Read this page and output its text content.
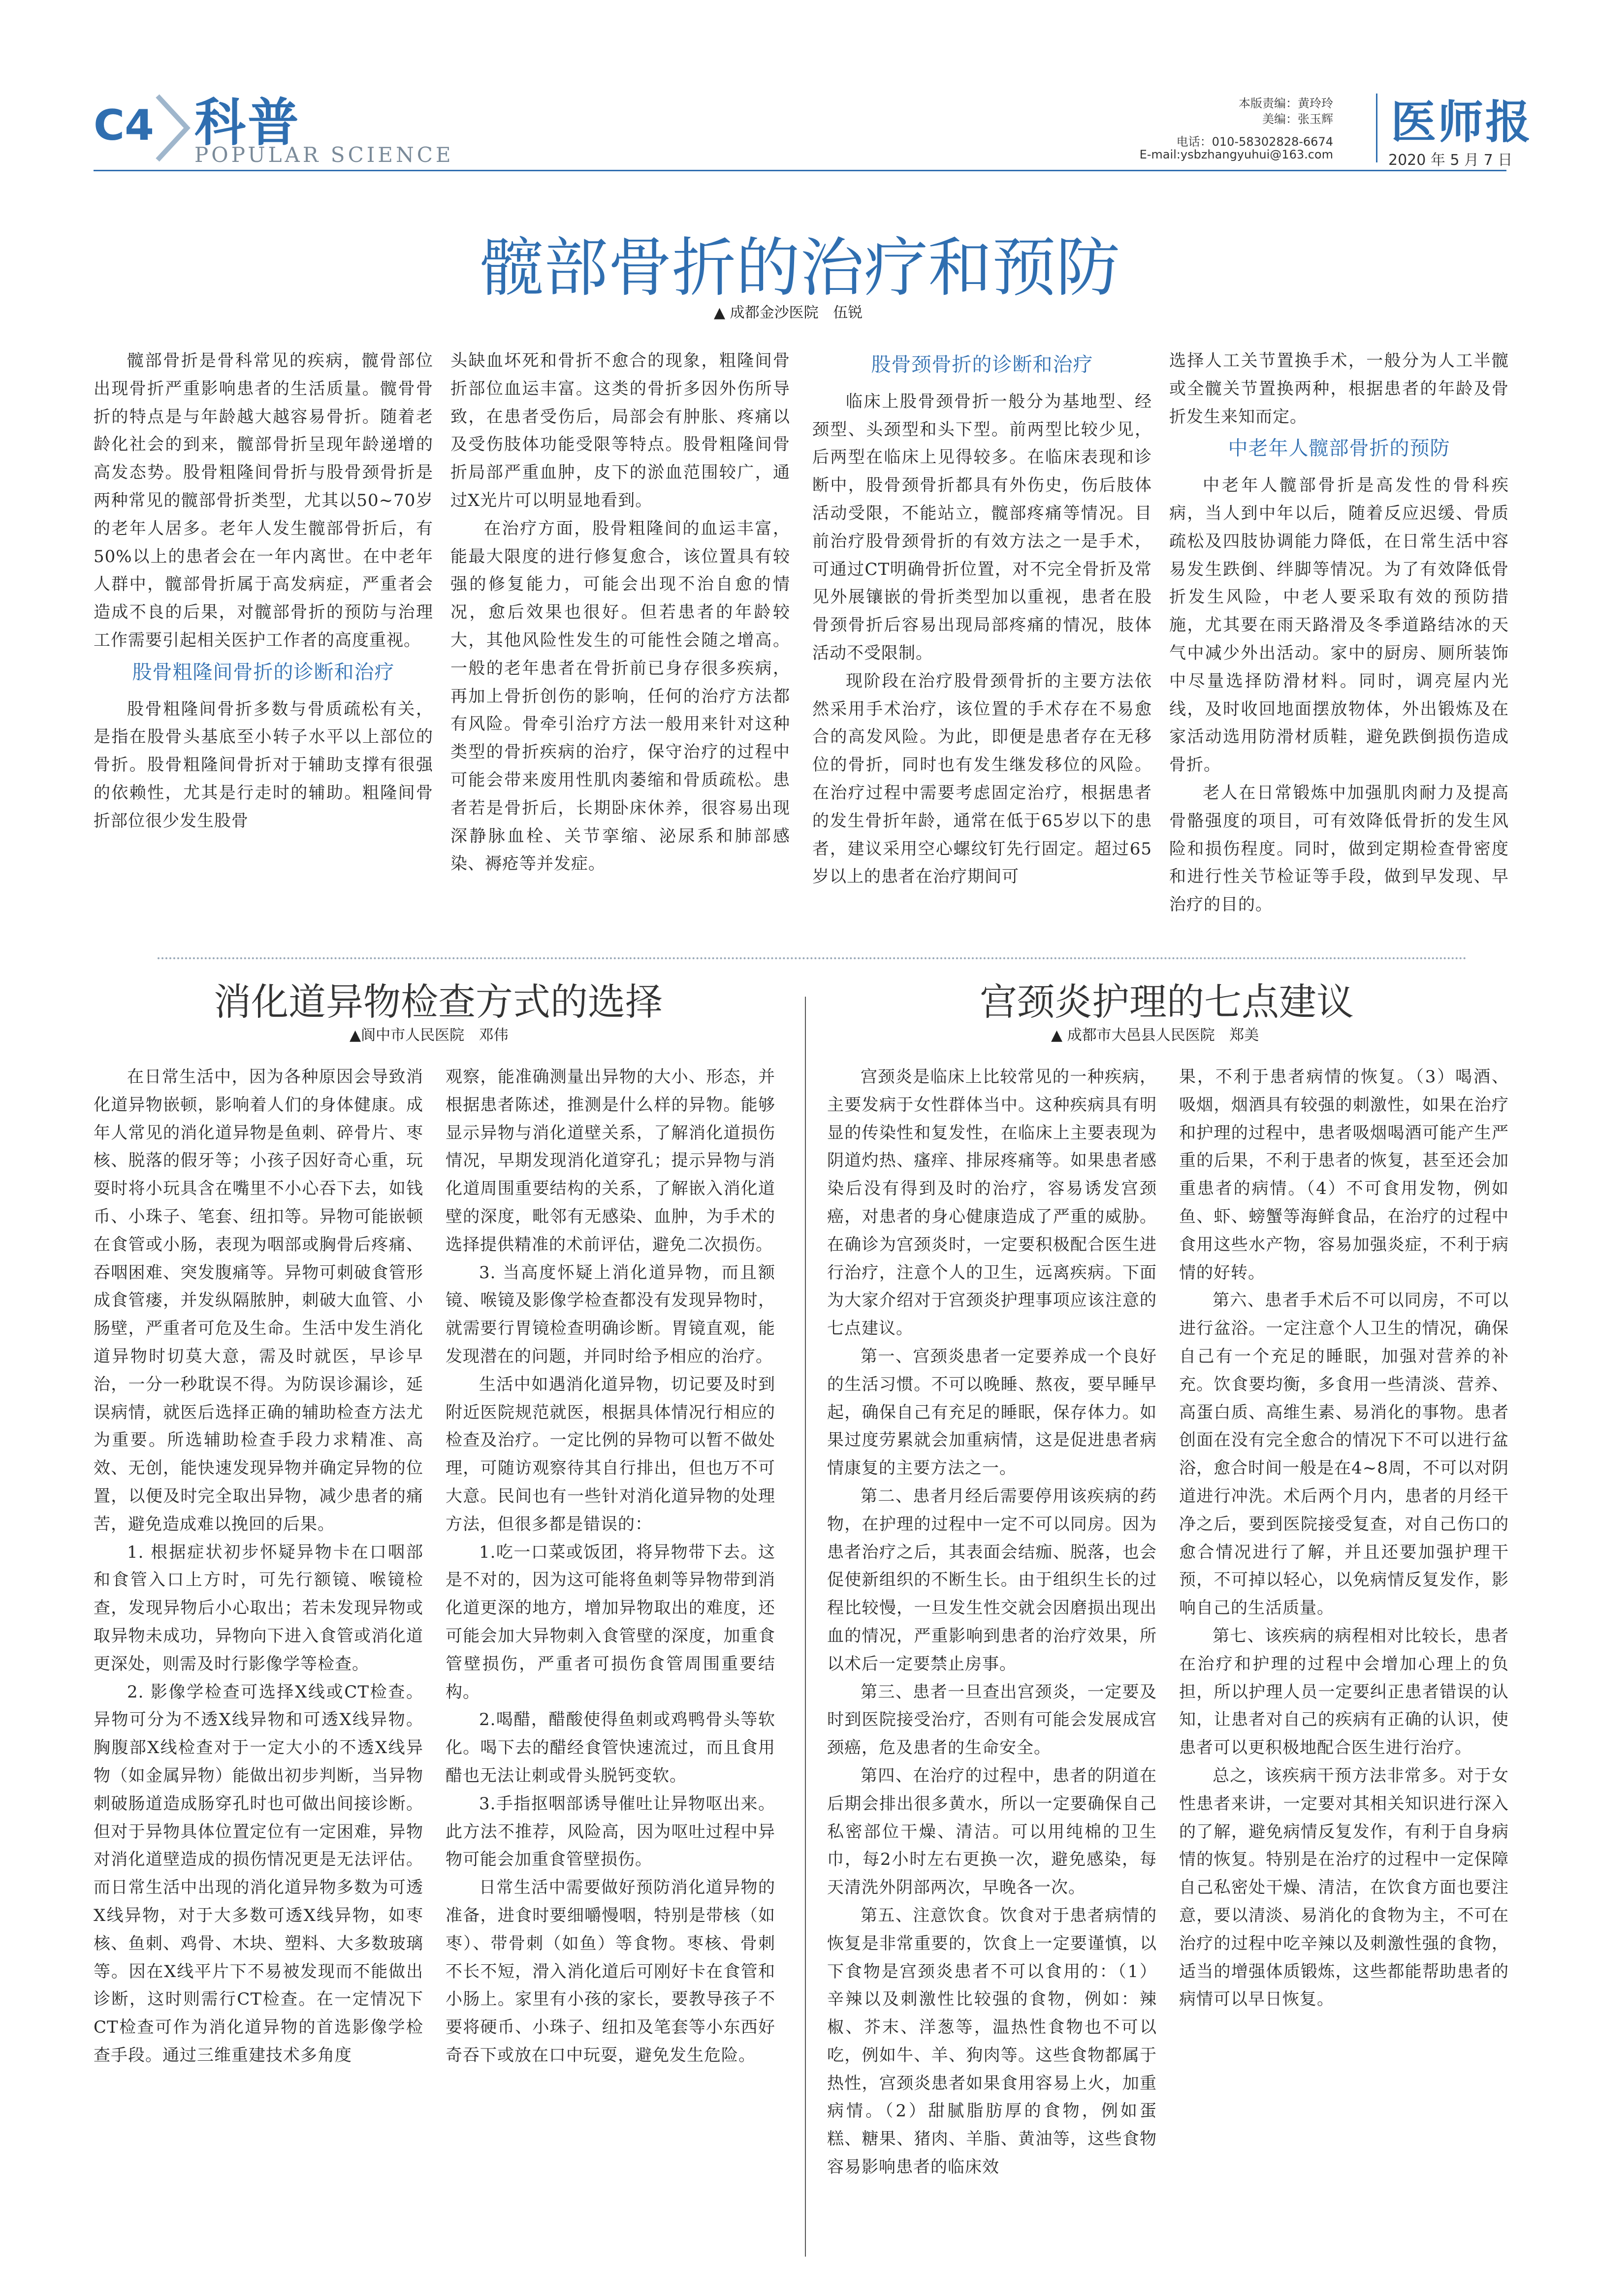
C4 科普
POPULAR SCIENCE
本版责编：黄玲玲
美编：张玉辉
电话：010-58302828-6674
E-mail:ysbzhangyuhui@163.com
医师报
2020 年 5 月 7 日
髋部骨折的治疗和预防
▲ 成都金沙医院 伍锐

髋部骨折是骨科常见的疾病，髋骨部位出现骨折严重影响患者的生活质量。髋骨骨折的特点是与年龄越大越容易骨折。随着老龄化社会的到来，髋部骨折呈现年龄递增的高发态势。股骨粗隆间骨折与股骨颈骨折是两种常见的髋部骨折类型，尤其以50~70岁的老年人居多。老年人发生髋部骨折后，有50%以上的患者会在一年内离世。在中老年人群中，髋部骨折属于高发病症，严重者会造成不良的后果，对髋部骨折的预防与治理工作需要引起相关医护工作者的高度重视。

股骨粗隆间骨折的诊断和治疗

股骨粗隆间骨折多数与骨质疏松有关，是指在股骨头基底至小转子水平以上部位的骨折。股骨粗隆间骨折对于辅助支撑有很强的依赖性，尤其是行走时的辅助。粗隆间骨折部位很少发生股骨

头缺血坏死和骨折不愈合的现象，粗隆间骨折部位血运丰富。这类的骨折多因外伤所导致，在患者受伤后，局部会有肿胀、疼痛以及受伤肢体功能受限等特点。股骨粗隆间骨折局部严重血肿，皮下的淤血范围较广，通过X光片可以明显地看到。

在治疗方面，股骨粗隆间的血运丰富，能最大限度的进行修复愈合，该位置具有较强的修复能力，可能会出现不治自愈的情况，愈后效果也很好。但若患者的年龄较大，其他风险性发生的可能性会随之增高。一般的老年患者在骨折前已身存很多疾病，再加上骨折创伤的影响，任何的治疗方法都有风险。骨牵引治疗方法一般用来针对这种类型的骨折疾病的治疗，保守治疗的过程中可能会带来废用性肌肉萎缩和骨质疏松。患者若是骨折后，长期卧床休养，很容易出现深静脉血栓、关节挛缩、泌尿系和肺部感染、褥疮等并发症。

股骨颈骨折的诊断和治疗

临床上股骨颈骨折一般分为基地型、经颈型、头颈型和头下型。前两型比较少见，后两型在临床上见得较多。在临床表现和诊断中，股骨颈骨折都具有外伤史，伤后肢体活动受限，不能站立，髋部疼痛等情况。目前治疗股骨颈骨折的有效方法之一是手术，可通过CT明确骨折位置，对不完全骨折及常见外展镶嵌的骨折类型加以重视，患者在股骨颈骨折后容易出现局部疼痛的情况，肢体活动不受限制。

现阶段在治疗股骨颈骨折的主要方法依然采用手术治疗，该位置的手术存在不易愈合的高发风险。为此，即便是患者存在无移位的骨折，同时也有发生继发移位的风险。在治疗过程中需要考虑固定治疗，根据患者的发生骨折年龄，通常在低于65岁以下的患者，建议采用空心螺纹钉先行固定。超过65岁以上的患者在治疗期间可

选择人工关节置换手术，一般分为人工半髋或全髋关节置换两种，根据患者的年龄及骨折发生来知而定。

中老年人髋部骨折的预防

中老年人髋部骨折是高发性的骨科疾病，当人到中年以后，随着反应迟缓、骨质疏松及四肢协调能力降低，在日常生活中容易发生跌倒、绊脚等情况。为了有效降低骨折发生风险，中老人要采取有效的预防措施，尤其要在雨天路滑及冬季道路结冰的天气中减少外出活动。家中的厨房、厕所装饰中尽量选择防滑材料。同时，调亮屋内光线，及时收回地面摆放物体，外出锻炼及在家活动选用防滑材质鞋，避免跌倒损伤造成骨折。

老人在日常锻炼中加强肌肉耐力及提高骨骼强度的项目，可有效降低骨折的发生风险和损伤程度。同时，做到定期检查骨密度和进行性关节检证等手段，做到早发现、早治疗的目的。

消化道异物检查方式的选择
▲阆中市人民医院 邓伟

在日常生活中，因为各种原因会导致消化道异物嵌顿，影响着人们的身体健康。成年人常见的消化道异物是鱼刺、碎骨片、枣核、脱落的假牙等；小孩子因好奇心重，玩耍时将小玩具含在嘴里不小心吞下去，如钱币、小珠子、笔套、纽扣等。异物可能嵌顿在食管或小肠，表现为咽部或胸骨后疼痛、吞咽困难、突发腹痛等。异物可刺破食管形成食管瘘，并发纵隔脓肿，刺破大血管、小肠壁，严重者可危及生命。生活中发生消化道异物时切莫大意，需及时就医，早诊早治，一分一秒耽误不得。为防误诊漏诊，延误病情，就医后选择正确的辅助检查方法尤为重要。所选辅助检查手段力求精准、高效、无创，能快速发现异物并确定异物的位置，以便及时完全取出异物，减少患者的痛苦，避免造成难以挽回的后果。

1. 根据症状初步怀疑异物卡在口咽部和食管入口上方时，可先行额镜、喉镜检查，发现异物后小心取出；若未发现异物或取异物未成功，异物向下进入食管或消化道更深处，则需及时行影像学等检查。

2. 影像学检查可选择X线或CT检查。异物可分为不透X线异物和可透X线异物。胸腹部X线检查对于一定大小的不透X线异物（如金属异物）能做出初步判断，当异物刺破肠道造成肠穿孔时也可做出间接诊断。但对于异物具体位置定位有一定困难，异物对消化道壁造成的损伤情况更是无法评估。而日常生活中出现的消化道异物多数为可透X线异物，对于大多数可透X线异物，如枣核、鱼刺、鸡骨、木块、塑料、大多数玻璃等。因在X线平片下不易被发现而不能做出诊断，这时则需行CT检查。在一定情况下CT检查可作为消化道异物的首选影像学检查手段。通过三维重建技术多角度

观察，能准确测量出异物的大小、形态，并根据患者陈述，推测是什么样的异物。能够显示异物与消化道壁关系，了解消化道损伤情况，早期发现消化道穿孔；提示异物与消化道周围重要结构的关系，了解嵌入消化道壁的深度，毗邻有无感染、血肿，为手术的选择提供精准的术前评估，避免二次损伤。

3. 当高度怀疑上消化道异物，而且额镜、喉镜及影像学检查都没有发现异物时，就需要行胃镜检查明确诊断。胃镜直观，能发现潜在的问题，并同时给予相应的治疗。

生活中如遇消化道异物，切记要及时到附近医院规范就医，根据具体情况行相应的检查及治疗。一定比例的异物可以暂不做处理，可随访观察待其自行排出，但也万不可大意。民间也有一些针对消化道异物的处理方法，但很多都是错误的：

1.吃一口菜或饭团，将异物带下去。这是不对的，因为这可能将鱼刺等异物带到消化道更深的地方，增加异物取出的难度，还可能会加大异物刺入食管壁的深度，加重食管壁损伤，严重者可损伤食管周围重要结构。

2.喝醋，醋酸使得鱼刺或鸡鸭骨头等软化。喝下去的醋经食管快速流过，而且食用醋也无法让刺或骨头脱钙变软。

3.手指抠咽部诱导催吐让异物呕出来。此方法不推荐，风险高，因为呕吐过程中异物可能会加重食管壁损伤。

日常生活中需要做好预防消化道异物的准备，进食时要细嚼慢咽，特别是带核（如枣）、带骨刺（如鱼）等食物。枣核、骨刺不长不短，滑入消化道后可刚好卡在食管和小肠上。家里有小孩的家长，要教导孩子不要将硬币、小珠子、纽扣及笔套等小东西好奇吞下或放在口中玩耍，避免发生危险。

宫颈炎护理的七点建议
▲ 成都市大邑县人民医院 郑美

宫颈炎是临床上比较常见的一种疾病，主要发病于女性群体当中。这种疾病具有明显的传染性和复发性，在临床上主要表现为阴道灼热、瘙痒、排尿疼痛等。如果患者感染后没有得到及时的治疗，容易诱发宫颈癌，对患者的身心健康造成了严重的威胁。在确诊为宫颈炎时，一定要积极配合医生进行治疗，注意个人的卫生，远离疾病。下面为大家介绍对于宫颈炎护理事项应该注意的七点建议。

第一、宫颈炎患者一定要养成一个良好的生活习惯。不可以晚睡、熬夜，要早睡早起，确保自己有充足的睡眠，保存体力。如果过度劳累就会加重病情，这是促进患者病情康复的主要方法之一。

第二、患者月经后需要停用该疾病的药物，在护理的过程中一定不可以同房。因为患者治疗之后，其表面会结痂、脱落，也会促使新组织的不断生长。由于组织生长的过程比较慢，一旦发生性交就会因磨损出现出血的情况，严重影响到患者的治疗效果，所以术后一定要禁止房事。

第三、患者一旦查出宫颈炎，一定要及时到医院接受治疗，否则有可能会发展成宫颈癌，危及患者的生命安全。

第四、在治疗的过程中，患者的阴道在后期会排出很多黄水，所以一定要确保自己私密部位干燥、清洁。可以用纯棉的卫生巾，每2小时左右更换一次，避免感染，每天清洗外阴部两次，早晚各一次。

第五、注意饮食。饮食对于患者病情的恢复是非常重要的，饮食上一定要谨慎，以下食物是宫颈炎患者不可以食用的：（1）辛辣以及刺激性比较强的食物，例如：辣椒、芥末、洋葱等，温热性食物也不可以吃，例如牛、羊、狗肉等。这些食物都属于热性，宫颈炎患者如果食用容易上火，加重病情。（2）甜腻脂肪厚的食物，例如蛋糕、糖果、猪肉、羊脂、黄油等，这些食物容易影响患者的临床效

果，不利于患者病情的恢复。（3）喝酒、吸烟，烟酒具有较强的刺激性，如果在治疗和护理的过程中，患者吸烟喝酒可能产生严重的后果，不利于患者的恢复，甚至还会加重患者的病情。（4）不可食用发物，例如鱼、虾、螃蟹等海鲜食品，在治疗的过程中食用这些水产物，容易加强炎症，不利于病情的好转。

第六、患者手术后不可以同房，不可以进行盆浴。一定注意个人卫生的情况，确保自己有一个充足的睡眠，加强对营养的补充。饮食要均衡，多食用一些清淡、营养、高蛋白质、高维生素、易消化的事物。患者创面在没有完全愈合的情况下不可以进行盆浴，愈合时间一般是在4~8周，不可以对阴道进行冲洗。术后两个月内，患者的月经干净之后，要到医院接受复查，对自己伤口的愈合情况进行了解，并且还要加强护理干预，不可掉以轻心，以免病情反复发作，影响自己的生活质量。

第七、该疾病的病程相对比较长，患者在治疗和护理的过程中会增加心理上的负担，所以护理人员一定要纠正患者错误的认知，让患者对自己的疾病有正确的认识，使患者可以更积极地配合医生进行治疗。

总之，该疾病干预方法非常多。对于女性患者来讲，一定要对其相关知识进行深入的了解，避免病情反复发作，有利于自身病情的恢复。特别是在治疗的过程中一定保障自己私密处干燥、清洁，在饮食方面也要注意，要以清淡、易消化的食物为主，不可在治疗的过程中吃辛辣以及刺激性强的食物，适当的增强体质锻炼，这些都能帮助患者的病情可以早日恢复。
